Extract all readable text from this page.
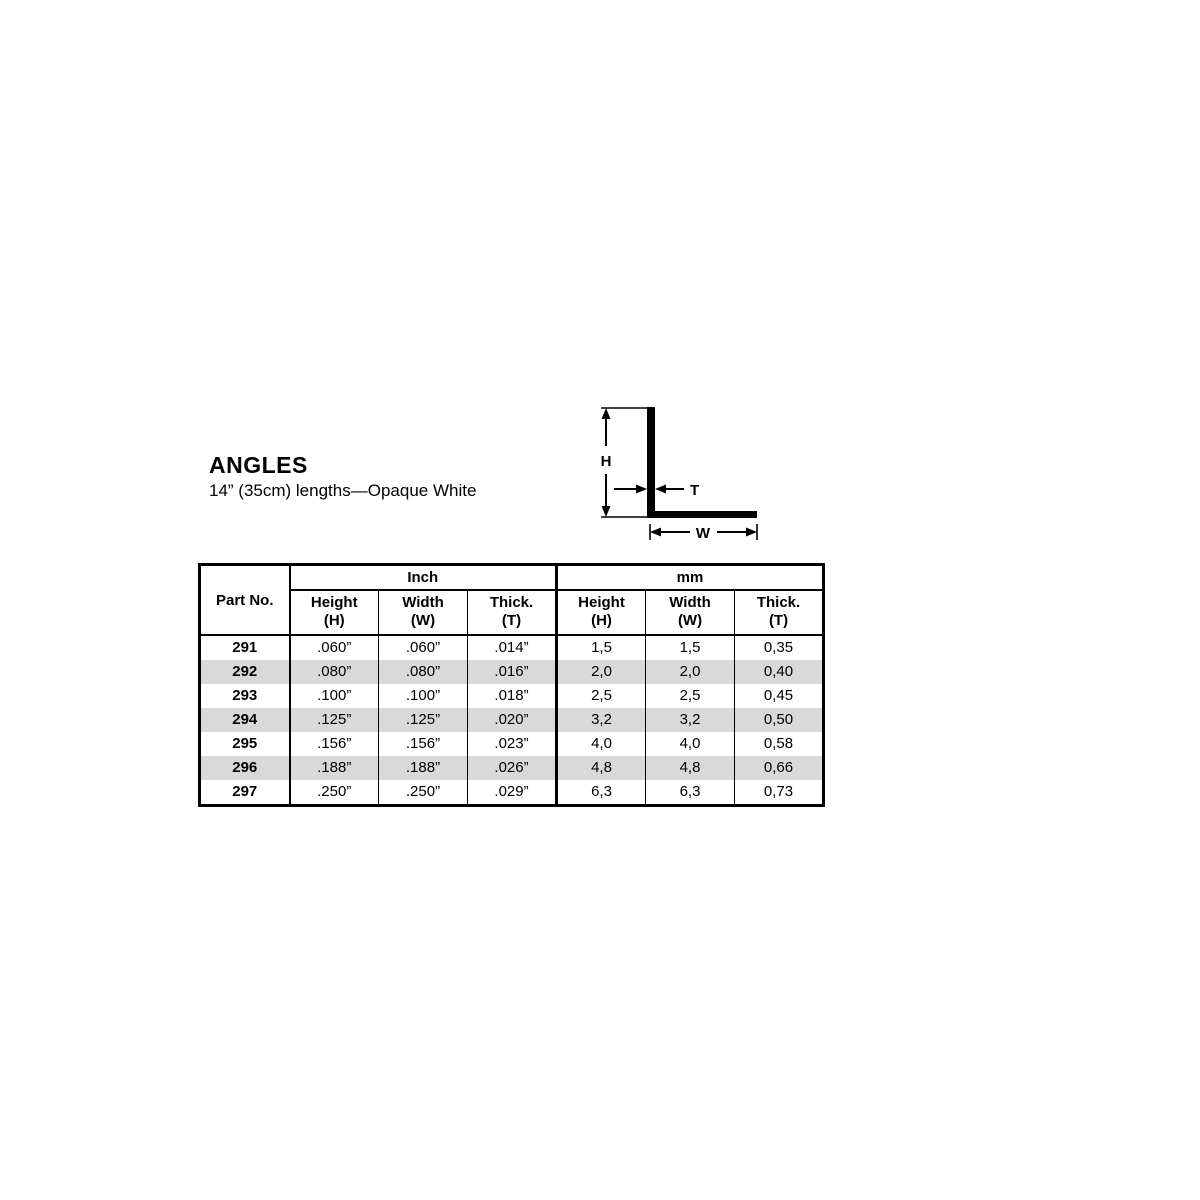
ANGLES

14” (35cm) lengths—Opaque White

H
T
W
Part No.	Inch			mm		

	Height
(H)	Width
(W)	Thick.
(T)	Height
(H)	Width
(W)	Thick.
(T)

291	.060”	.060”	.014”	1,5	1,5	0,35
292	.080”	.080”	.016”	2,0	2,0	0,40
293	.100”	.100”	.018”	2,5	2,5	0,45
294	.125”	.125”	.020”	3,2	3,2	0,50
295	.156”	.156”	.023”	4,0	4,0	0,58
296	.188”	.188”	.026”	4,8	4,8	0,66
297	.250”	.250”	.029”	6,3	6,3	0,73
